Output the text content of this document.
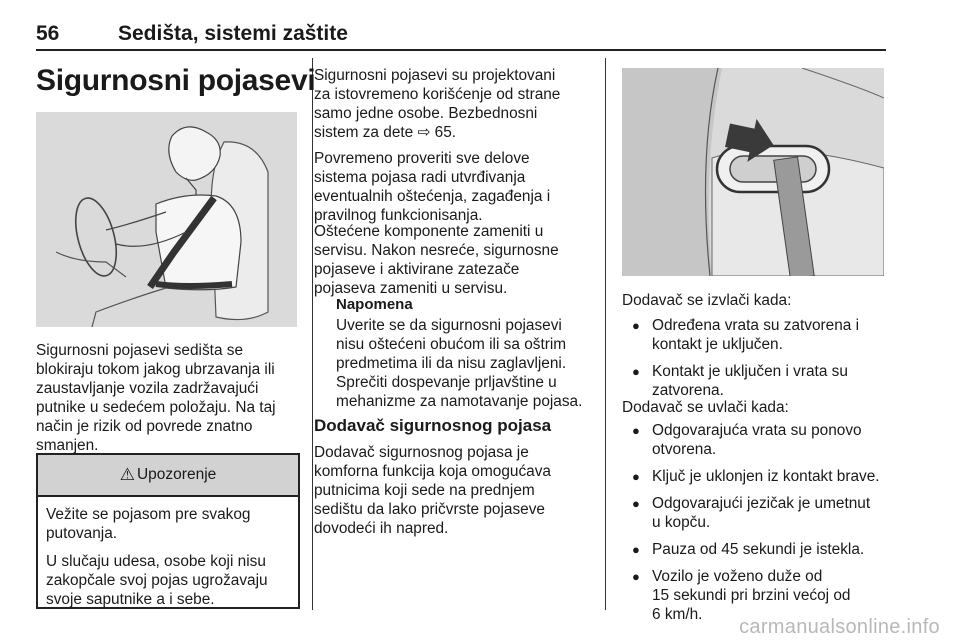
56	Sedišta, sistemi zaštite
Sigurnosni pojasevi

Sigurnosni pojasevi sedišta se
blokiraju tokom jakog ubrzavanja ili
zaustavljanje vozila zadržavajući
putnike u sedećem položaju. Na taj
način je rizik od povrede znatno
smanjen.

⚠ Upozorenje

Vežite se pojasom pre svakog
putovanja.

U slučaju udesa, osobe koji nisu
zakopčale svoj pojas ugrožavaju
svoje saputnike a i sebe.

Sigurnosni pojasevi su projektovani
za istovremeno korišćenje od strane
samo jedne osobe. Bezbednosni
sistem za dete ⇨ 65.

Povremeno proveriti sve delove
sistema pojasa radi utvrđivanja
eventualnih oštećenja, zagađenja i
pravilnog funkcionisanja.

Oštećene komponente zameniti u
servisu. Nakon nesreće, sigurnosne
pojaseve i aktivirane zatezače
pojaseva zameniti u servisu.

Napomena

Uverite se da sigurnosni pojasevi
nisu oštećeni obućom ili sa oštrim
predmetima ili da nisu zaglavljeni.
Sprečiti dospevanje prljavštine u
mehanizme za namotavanje pojasa.

Dodavač sigurnosnog pojasa

Dodavač sigurnosnog pojasa je
komforna funkcija koja omogućava
putnicima koji sede na prednjem
sedištu da lako pričvrste pojaseve
dovodeći ih napred.

Dodavač se izvlači kada:

● Određena vrata su zatvorena i
kontakt je uključen.
● Kontakt je uključen i vrata su
zatvorena.

Dodavač se uvlači kada:

● Odgovarajuća vrata su ponovo
otvorena.
● Ključ je uklonjen iz kontakt brave.
● Odgovarajući jezičak je umetnut
u kopču.
● Pauza od 45 sekundi je istekla.
● Vozilo je voženo duže od
15 sekundi pri brzini većoj od
6 km/h.
carmanualsonline.info
